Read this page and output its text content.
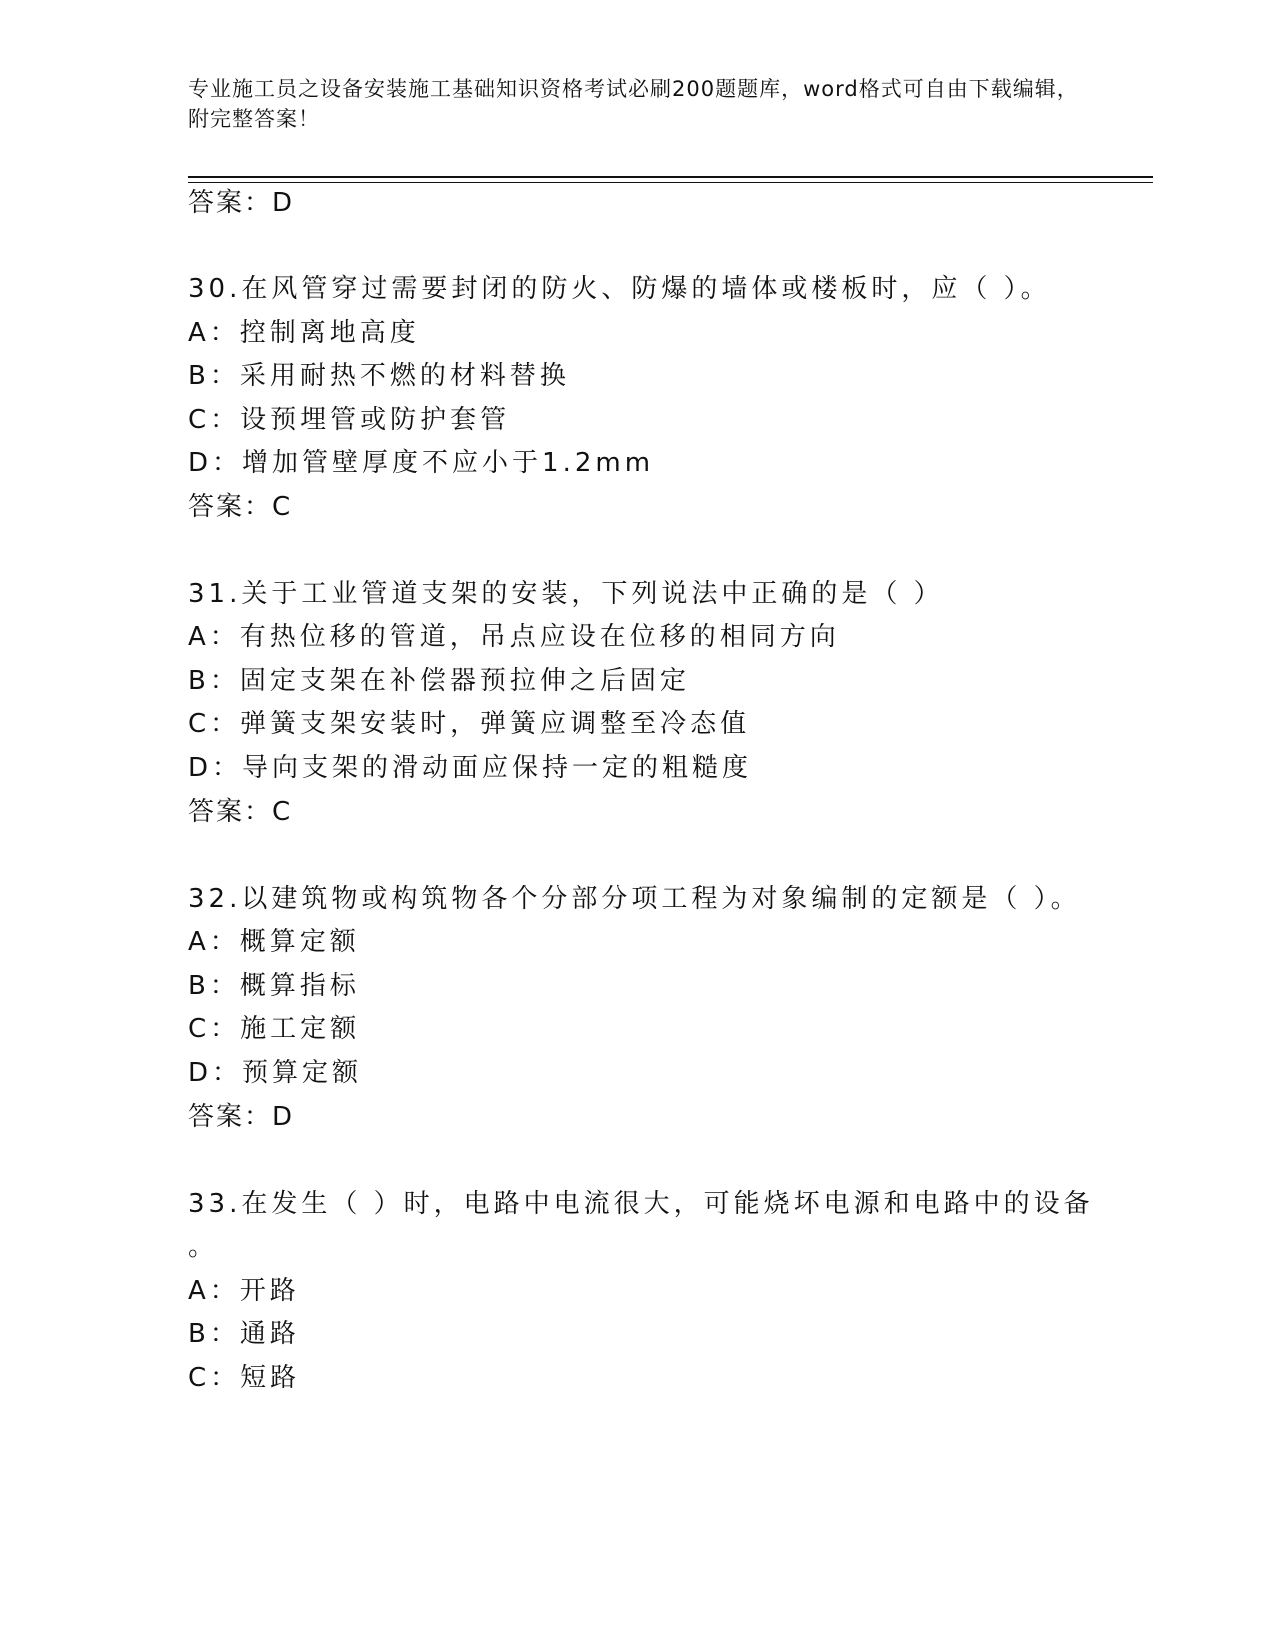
专业施工员之设备安装施工基础知识资格考试必刷200题题库，word格式可自由下载编辑，附完整答案！
答案：D
30.在风管穿过需要封闭的防火、防爆的墙体或楼板时，应（ ）。
A：控制离地高度
B：采用耐热不燃的材料替换
C：设预埋管或防护套管
D：增加管壁厚度不应小于1.2mm
答案：C
31.关于工业管道支架的安装，下列说法中正确的是（ ）
A：有热位移的管道，吊点应设在位移的相同方向
B：固定支架在补偿器预拉伸之后固定
C：弹簧支架安装时，弹簧应调整至冷态值
D：导向支架的滑动面应保持一定的粗糙度
答案：C
32.以建筑物或构筑物各个分部分项工程为对象编制的定额是（ ）。
A：概算定额
B：概算指标
C：施工定额
D：预算定额
答案：D
33.在发生（ ）时，电路中电流很大，可能烧坏电源和电路中的设备
。
A：开路
B：通路
C：短路
